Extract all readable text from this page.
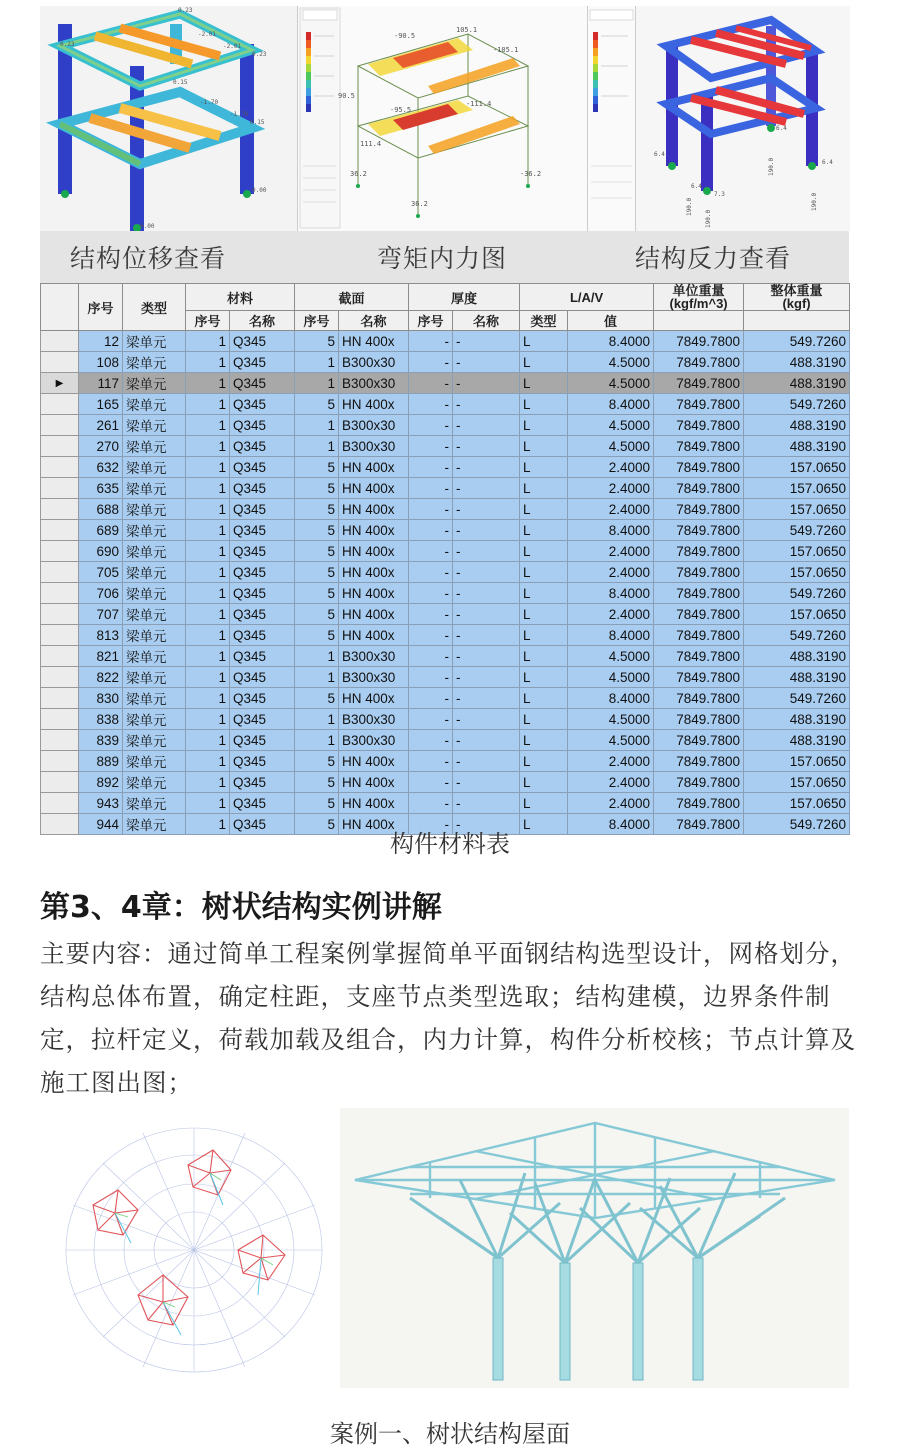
0.23
-2.01
0.23	-2.01
0.23
-1.70
-1.70
0.15
0.15
0.00
0.00
-90.5
105.1
-105.1
90.5
-111.4
111.4
36.2
36.2
-36.2
-95.5
6.4
6.4
6.4
6.4
7.3
190.0
190.0
190.0
190.0
结构位移查看	弯矩内力图	结构反力查看
	序号	类型	材料		截面		厚度		L/A/V		单位重量
(kgf/m^3)	整体重量
(kgf)
			序号	名称	序号	名称	序号	名称	类型	值		
	12	梁单元	1	Q345	5	HN 400x	-	-	L	8.4000	7849.7800	549.7260
	108	梁单元	1	Q345	1	B300x30	-	-	L	4.5000	7849.7800	488.3190
▶	117	梁单元	1	Q345	1	B300x30	-	-	L	4.5000	7849.7800	488.3190
	165	梁单元	1	Q345	5	HN 400x	-	-	L	8.4000	7849.7800	549.7260
	261	梁单元	1	Q345	1	B300x30	-	-	L	4.5000	7849.7800	488.3190
	270	梁单元	1	Q345	1	B300x30	-	-	L	4.5000	7849.7800	488.3190
	632	梁单元	1	Q345	5	HN 400x	-	-	L	2.4000	7849.7800	157.0650
	635	梁单元	1	Q345	5	HN 400x	-	-	L	2.4000	7849.7800	157.0650
	688	梁单元	1	Q345	5	HN 400x	-	-	L	2.4000	7849.7800	157.0650
	689	梁单元	1	Q345	5	HN 400x	-	-	L	8.4000	7849.7800	549.7260
	690	梁单元	1	Q345	5	HN 400x	-	-	L	2.4000	7849.7800	157.0650
	705	梁单元	1	Q345	5	HN 400x	-	-	L	2.4000	7849.7800	157.0650
	706	梁单元	1	Q345	5	HN 400x	-	-	L	8.4000	7849.7800	549.7260
	707	梁单元	1	Q345	5	HN 400x	-	-	L	2.4000	7849.7800	157.0650
	813	梁单元	1	Q345	5	HN 400x	-	-	L	8.4000	7849.7800	549.7260
	821	梁单元	1	Q345	1	B300x30	-	-	L	4.5000	7849.7800	488.3190
	822	梁单元	1	Q345	1	B300x30	-	-	L	4.5000	7849.7800	488.3190
	830	梁单元	1	Q345	5	HN 400x	-	-	L	8.4000	7849.7800	549.7260
	838	梁单元	1	Q345	1	B300x30	-	-	L	4.5000	7849.7800	488.3190
	839	梁单元	1	Q345	1	B300x30	-	-	L	4.5000	7849.7800	488.3190
	889	梁单元	1	Q345	5	HN 400x	-	-	L	2.4000	7849.7800	157.0650
	892	梁单元	1	Q345	5	HN 400x	-	-	L	2.4000	7849.7800	157.0650
	943	梁单元	1	Q345	5	HN 400x	-	-	L	2.4000	7849.7800	157.0650
	944	梁单元	1	Q345	5	HN 400x	-	-	L	8.4000	7849.7800	549.7260
构件材料表
第3、4章：树状结构实例讲解
主要内容：通过简单工程案例掌握简单平面钢结构选型设计，网格划分，结构总体布置，确定柱距，支座节点类型选取；结构建模，边界条件制定，拉杆定义，荷载加载及组合，内力计算，构件分析校核；节点计算及施工图出图；
案例一、树状结构屋面
